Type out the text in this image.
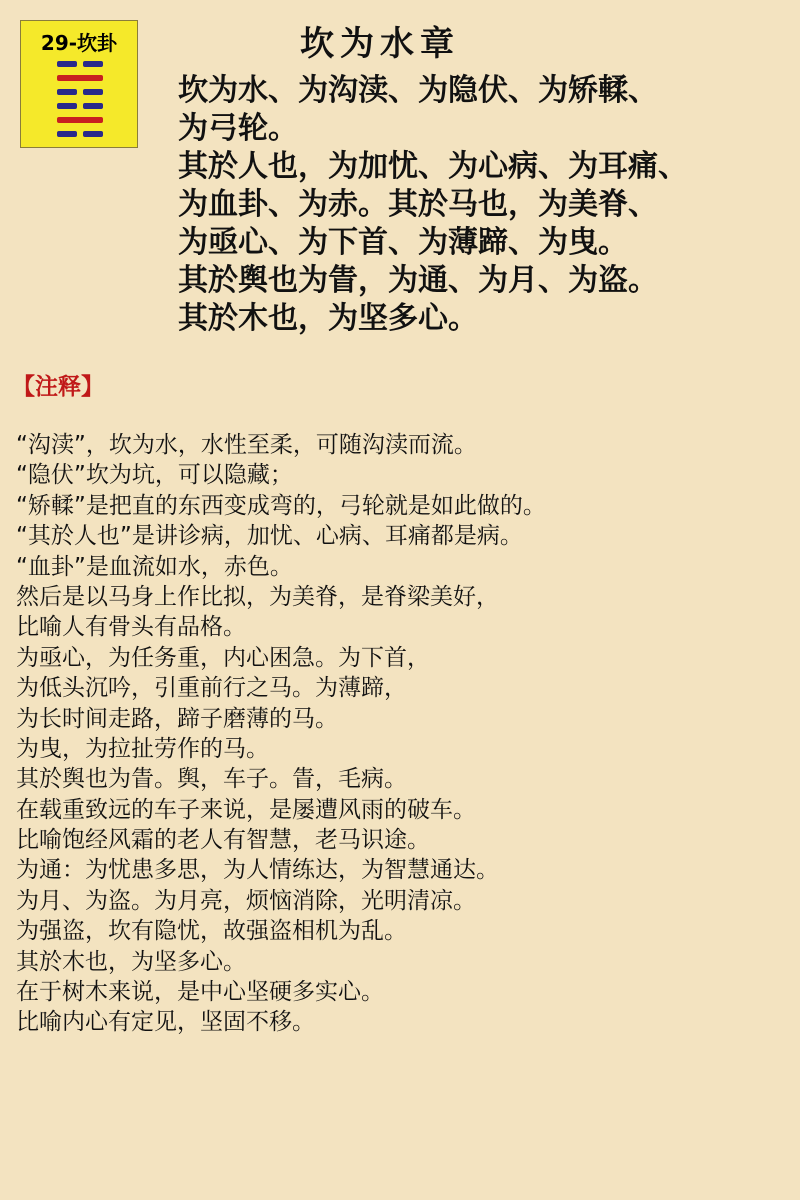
29-坎卦	坎为水章
坎为水、为沟渎、为隐伏、为矫輮、
为弓轮。
其於人也，为加忧、为心病、为耳痛、
为血卦、为赤。其於马也，为美脊、
为亟心、为下首、为薄蹄、为曳。
其於舆也为眚，为通、为月、为盗。
其於木也，为坚多心。
【注释】
“沟渎”，坎为水，水性至柔，可随沟渎而流。
“隐伏”坎为坑，可以隐藏；
“矫輮”是把直的东西变成弯的，弓轮就是如此做的。
“其於人也”是讲诊病，加忧、心病、耳痛都是病。
“血卦”是血流如水，赤色。
然后是以马身上作比拟，为美脊，是脊梁美好，
比喻人有骨头有品格。
为亟心，为任务重，内心困急。为下首，
为低头沉吟，引重前行之马。为薄蹄，
为长时间走路，蹄子磨薄的马。
为曳，为拉扯劳作的马。
其於舆也为眚。舆，车子。眚，毛病。
在载重致远的车子来说，是屡遭风雨的破车。
比喻饱经风霜的老人有智慧，老马识途。
为通：为忧患多思，为人情练达，为智慧通达。
为月、为盗。为月亮，烦恼消除，光明清凉。
为强盗，坎有隐忧，故强盗相机为乱。
其於木也，为坚多心。
在于树木来说，是中心坚硬多实心。
比喻内心有定见，坚固不移。
